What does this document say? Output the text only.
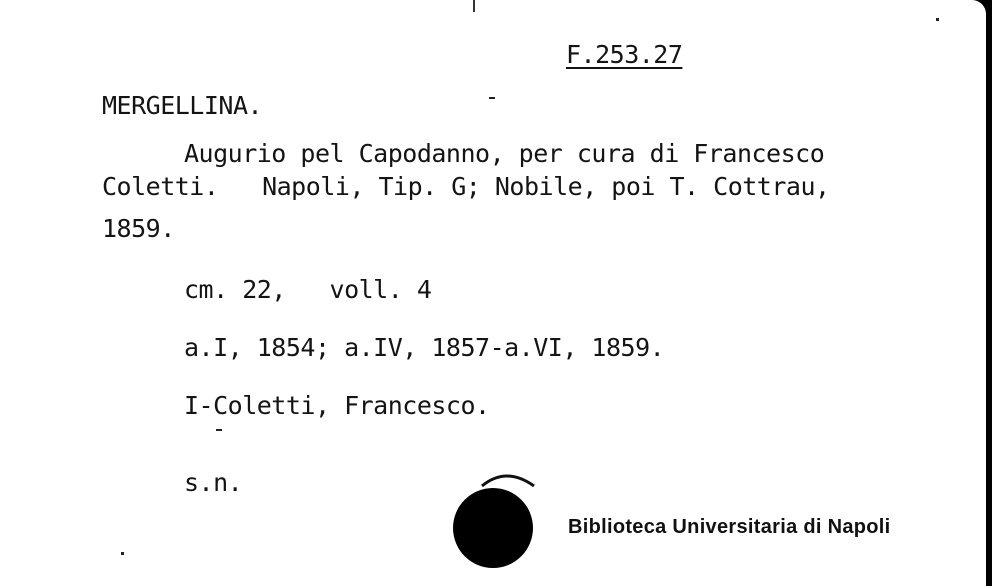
F.253.27
MERGELLINA.
Augurio pel Capodanno, per cura di Francesco
Coletti.   Napoli, Tip. G; Nobile, poi T. Cottrau,
1859.
cm. 22,   voll. 4
a.I, 1854; a.IV, 1857-a.VI, 1859.
I-Coletti, Francesco.
s.n.
Biblioteca Universitaria di Napoli
